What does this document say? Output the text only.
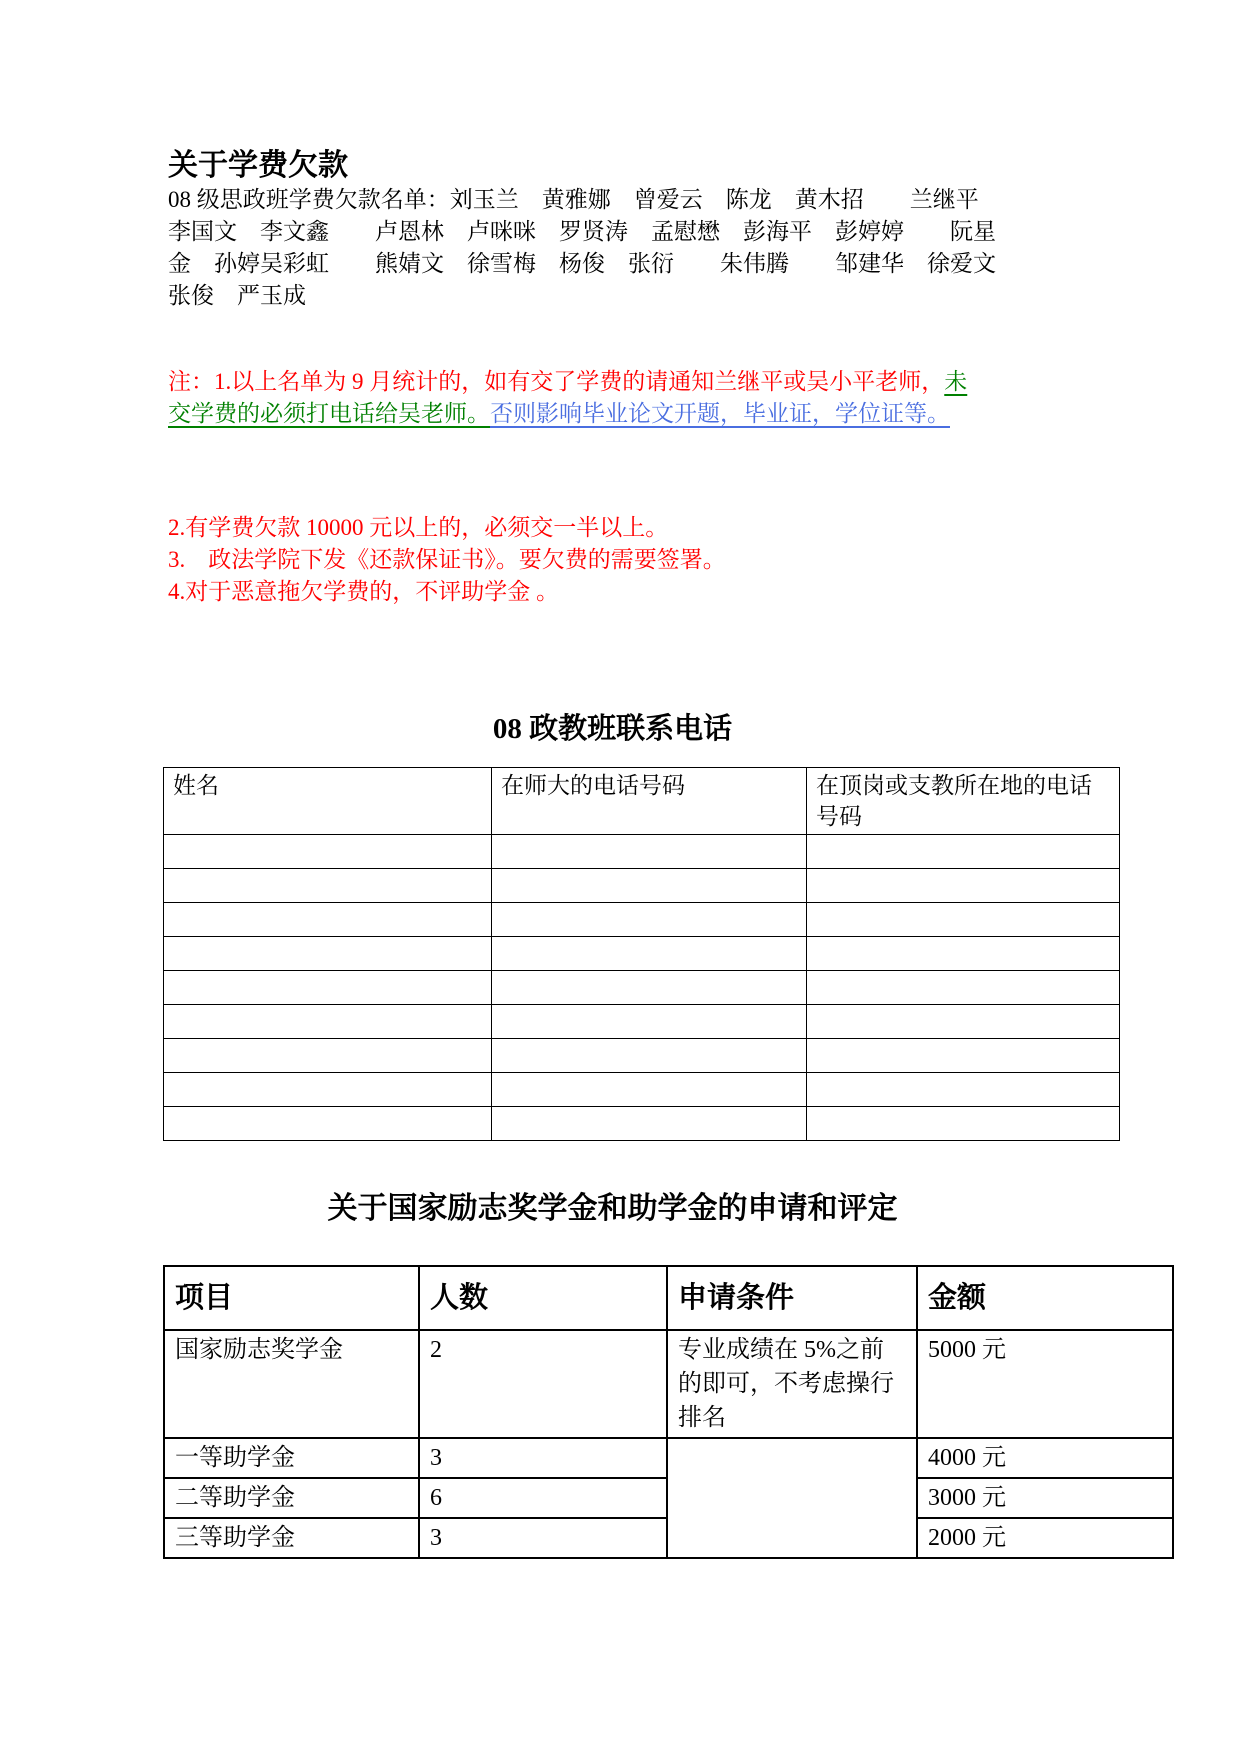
关于学费欠款
08 级思政班学费欠款名单：刘玉兰　黄雅娜　曾爱云　陈龙　黄木招　　兰继平
李国文　李文鑫　　卢恩林　卢咪咪　罗贤涛　孟慰懋　彭海平　彭婷婷　　阮星
金　孙婷吴彩虹　　熊婧文　徐雪梅　杨俊　张衍　　朱伟腾　　邹建华　徐爱文
张俊　严玉成
注：1.以上名单为 9 月统计的，如有交了学费的请通知兰继平或吴小平老师，未
交学费的必须打电话给吴老师。否则影响毕业论文开题，毕业证，学位证等。
2.有学费欠款 10000 元以上的，必须交一半以上。
3.　政法学院下发《还款保证书》。要欠费的需要签署。
4.对于恶意拖欠学费的，不评助学金 。
08 政教班联系电话
姓名	在师大的电话号码	在顶岗或支教所在地的电话号码

关于国家励志奖学金和助学金的申请和评定
项目	人数	申请条件	金额
国家励志奖学金	2	专业成绩在 5%之前的即可，不考虑操行排名	5000 元
一等助学金	3		4000 元
二等助学金	6		3000 元
三等助学金	3		2000 元
